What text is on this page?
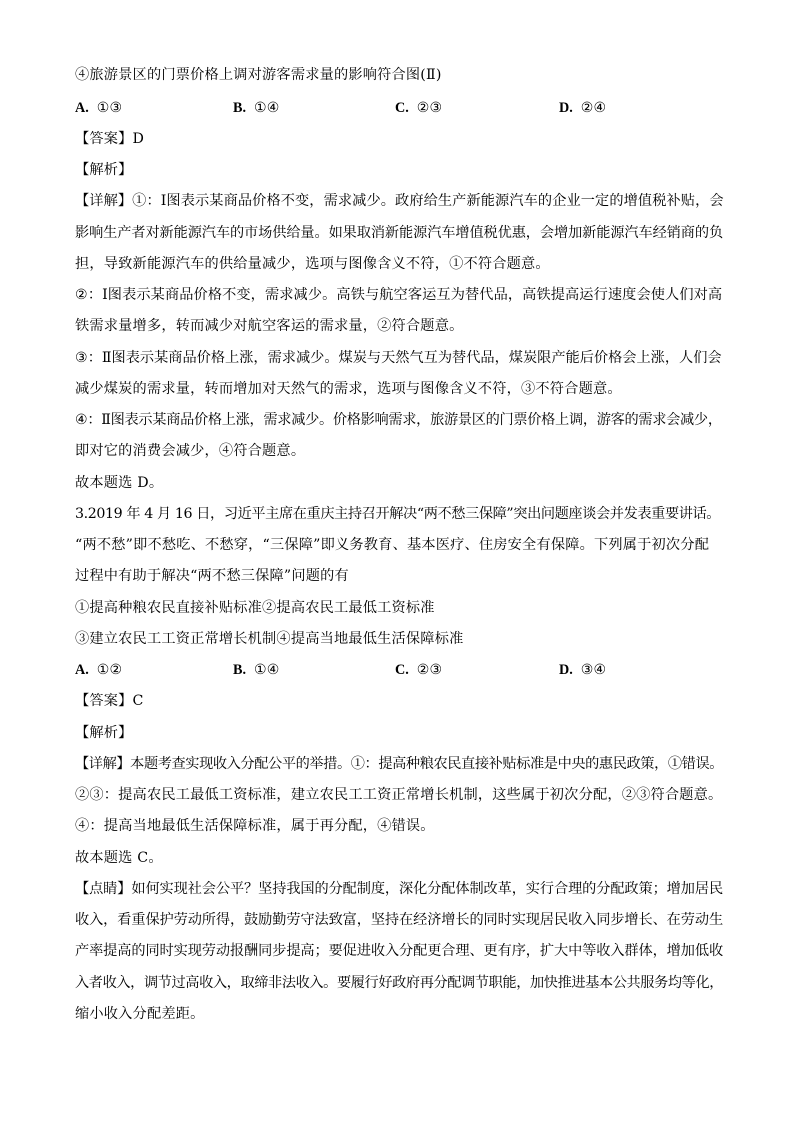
④旅游景区的门票价格上调对游客需求量的影响符合图(Ⅱ)
A. ①③	B. ①④	C. ②③	D. ②④
【答案】D
【解析】
【详解】①：Ⅰ图表示某商品价格不变，需求减少。政府给生产新能源汽车的企业一定的增值税补贴，会
影响生产者对新能源汽车的市场供给量。如果取消新能源汽车增值税优惠，会增加新能源汽车经销商的负
担，导致新能源汽车的供给量减少，选项与图像含义不符，①不符合题意。
②：Ⅰ图表示某商品价格不变，需求减少。高铁与航空客运互为替代品，高铁提高运行速度会使人们对高
铁需求量增多，转而减少对航空客运的需求量，②符合题意。
③：Ⅱ图表示某商品价格上涨，需求减少。煤炭与天然气互为替代品，煤炭限产能后价格会上涨，人们会
减少煤炭的需求量，转而增加对天然气的需求，选项与图像含义不符，③不符合题意。
④：Ⅱ图表示某商品价格上涨，需求减少。价格影响需求，旅游景区的门票价格上调，游客的需求会减少，
即对它的消费会减少，④符合题意。
故本题选 D。
3.2019 年 4 月 16 日，习近平主席在重庆主持召开解决“两不愁三保障”突出问题座谈会并发表重要讲话。
“两不愁”即不愁吃、不愁穿，“三保障”即义务教育、基本医疗、住房安全有保障。下列属于初次分配
过程中有助于解决“两不愁三保障”问题的有
①提高种粮农民直接补贴标准②提高农民工最低工资标准
③建立农民工工资正常增长机制④提高当地最低生活保障标准
A. ①②	B. ①④	C. ②③	D. ③④
【答案】C
【解析】
【详解】本题考查实现收入分配公平的举措。①：提高种粮农民直接补贴标准是中央的惠民政策，①错误。
②③：提高农民工最低工资标准，建立农民工工资正常增长机制，这些属于初次分配，②③符合题意。
④：提高当地最低生活保障标准，属于再分配，④错误。
故本题选 C。
【点睛】如何实现社会公平？坚持我国的分配制度，深化分配体制改革，实行合理的分配政策；增加居民
收入，看重保护劳动所得，鼓励勤劳守法致富，坚持在经济增长的同时实现居民收入同步增长、在劳动生
产率提高的同时实现劳动报酬同步提高；要促进收入分配更合理、更有序，扩大中等收入群体，增加低收
入者收入，调节过高收入，取缔非法收入。要履行好政府再分配调节职能，加快推进基本公共服务均等化，
缩小收入分配差距。
